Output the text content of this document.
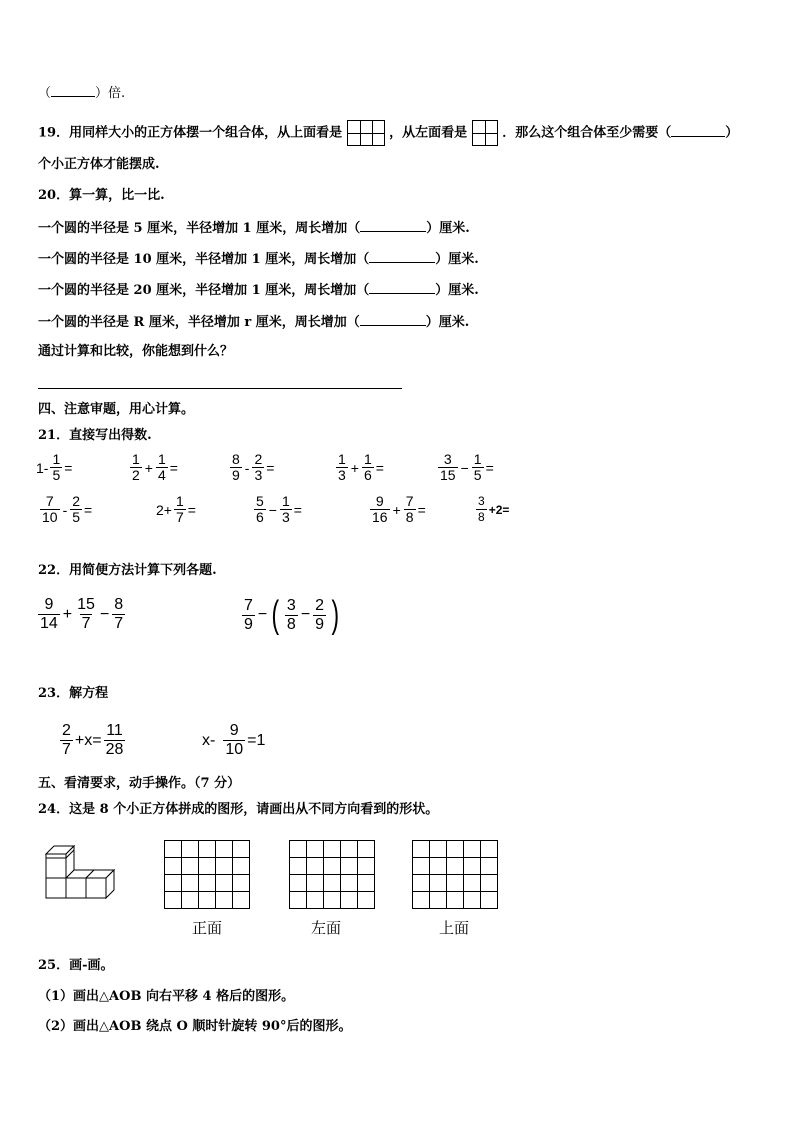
（	）倍.
19．用同样大小的正方体摆一个组合体，从上面看是	，从左面看是	．那么这个组合体至少需要（	）
个小正方体才能摆成.
20．算一算，比一比.
一个圆的半径是 5 厘米，半径增加 1 厘米，周长增加（	）厘米.
一个圆的半径是 10 厘米，半径增加 1 厘米，周长增加（	）厘米.
一个圆的半径是 20 厘米，半径增加 1 厘米，周长增加（	）厘米.
一个圆的半径是 R 厘米，半径增加 r 厘米，周长增加（	）厘米.
通过计算和比较，你能想到什么？
四、注意审题，用心计算。
21．直接写出得数.
$1- \frac{1}{5}$ =	$\frac{1}{2} + \frac{1}{4}$ =	$\frac{8}{9} - \frac{2}{3}$ =	$\frac{1}{3} + \frac{1}{6}$ =	$\frac{3}{15} - \frac{1}{5}$ =
$\frac{7}{10} - \frac{2}{5}$ =	$2+ \frac{1}{7}$ =	$\frac{5}{6} - \frac{1}{3}$ =	$\frac{9}{16} + \frac{7}{8}$ =	$\frac{3}{8} +2=$
22．用简便方法计算下列各题.
$\frac{9}{14} + \frac{15}{7} - \frac{8}{7}$	$\frac{7}{9}$ − ( $\frac{3}{8} - \frac{2}{9}$ )
23．解方程
$\frac{2}{7} +x= \frac{11}{28}$	$x- \frac{9}{10} =1$
五、看清要求，动手操作。（7 分）
24．这是 8 个小正方体拼成的图形，请画出从不同方向看到的形状。
正面	左面	上面
25．画-画。
（1）画出△AOB 向右平移 4 格后的图形。
（2）画出△AOB 绕点 O 顺时针旋转 90°后的图形。
